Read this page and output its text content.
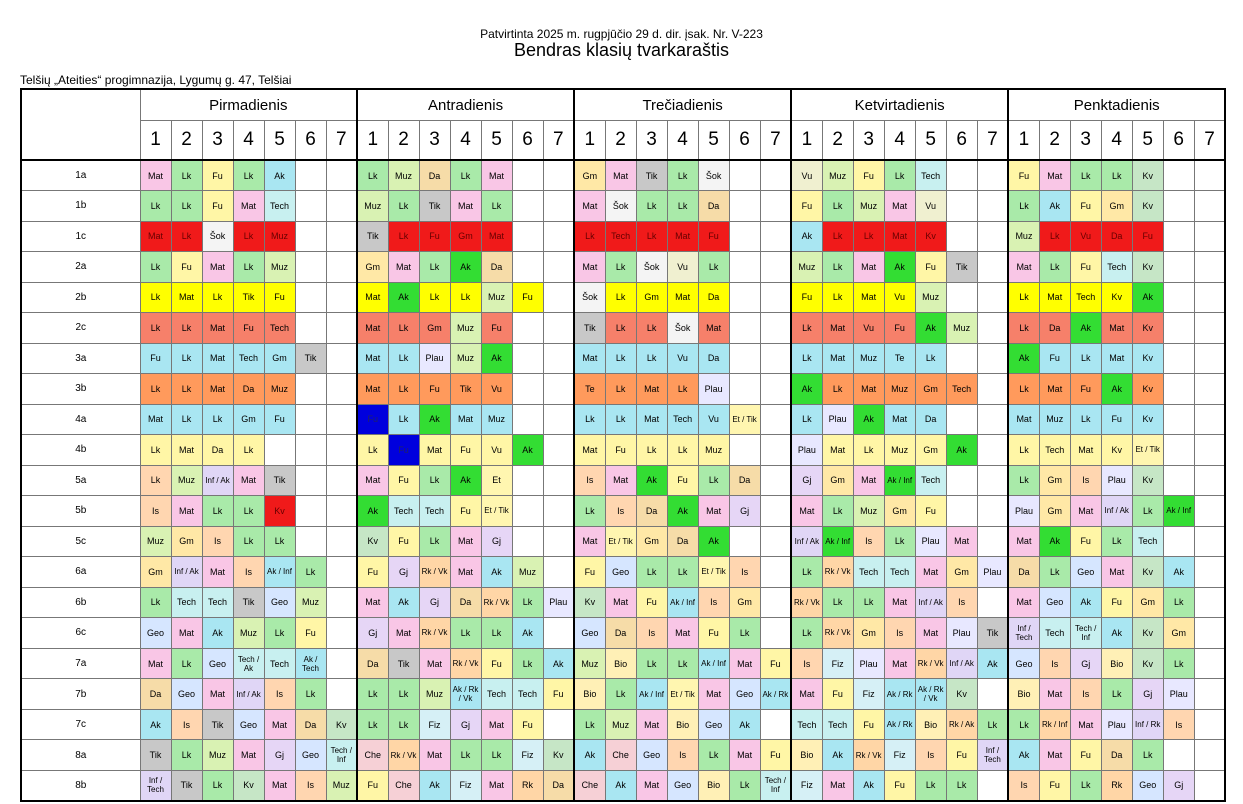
Patvirtinta 2025 m. rugpjūčio 29 d. dir. įsak. Nr. V-223
Bendras klasių tvarkaraštis
Telšių „Ateities“ progimnazija, Lygumų g. 47, Telšiai
	Pirmadienis							Antradienis							Trečiadienis							Ketvirtadienis							Penktadienis						
	1	2	3	4	5	6	7	1	2	3	4	5	6	7	1	2	3	4	5	6	7	1	2	3	4	5	6	7	1	2	3	4	5	6	7
1a	Mat	Lk	Fu	Lk	Ak			Lk	Muz	Da	Lk	Mat			Gm	Mat	Tik	Lk	Šok			Vu	Muz	Fu	Lk	Tech			Fu	Mat	Lk	Lk	Kv		
1b	Lk	Lk	Fu	Mat	Tech			Muz	Lk	Tik	Mat	Lk			Mat	Šok	Lk	Lk	Da			Fu	Lk	Muz	Mat	Vu			Lk	Ak	Fu	Gm	Kv		
1c	Mat	Lk	Šok	Lk	Muz			Tik	Lk	Fu	Gm	Mat			Lk	Tech	Lk	Mat	Fu			Ak	Lk	Lk	Mat	Kv			Muz	Lk	Vu	Da	Fu		
2a	Lk	Fu	Mat	Lk	Muz			Gm	Mat	Lk	Ak	Da			Mat	Lk	Šok	Vu	Lk			Muz	Lk	Mat	Ak	Fu	Tik		Mat	Lk	Fu	Tech	Kv		
2b	Lk	Mat	Lk	Tik	Fu			Mat	Ak	Lk	Lk	Muz	Fu		Šok	Lk	Gm	Mat	Da			Fu	Lk	Mat	Vu	Muz			Lk	Mat	Tech	Kv	Ak		
2c	Lk	Lk	Mat	Fu	Tech			Mat	Lk	Gm	Muz	Fu			Tik	Lk	Lk	Šok	Mat			Lk	Mat	Vu	Fu	Ak	Muz		Lk	Da	Ak	Mat	Kv		
3a	Fu	Lk	Mat	Tech	Gm	Tik		Mat	Lk	Plau	Muz	Ak			Mat	Lk	Lk	Vu	Da			Lk	Mat	Muz	Te	Lk			Ak	Fu	Lk	Mat	Kv		
3b	Lk	Lk	Mat	Da	Muz			Mat	Lk	Fu	Tik	Vu			Te	Lk	Mat	Lk	Plau			Ak	Lk	Mat	Muz	Gm	Tech		Lk	Mat	Fu	Ak	Kv		
4a	Mat	Lk	Lk	Gm	Fu			Fu	Lk	Ak	Mat	Muz			Lk	Lk	Mat	Tech	Vu	Et / Tik		Lk	Plau	Ak	Mat	Da			Mat	Muz	Lk	Fu	Kv		
4b	Lk	Mat	Da	Lk				Lk	Fu	Mat	Fu	Vu	Ak		Mat	Fu	Lk	Lk	Muz			Plau	Mat	Lk	Muz	Gm	Ak		Lk	Tech	Mat	Kv	Et / Tik		
5a	Lk	Muz	Inf / Ak	Mat	Tik			Mat	Fu	Lk	Ak	Et			Is	Mat	Ak	Fu	Lk	Da		Gj	Gm	Mat	Ak / Inf	Tech			Lk	Gm	Is	Plau	Kv		
5b	Is	Mat	Lk	Lk	Kv			Ak	Tech	Tech	Fu	Et / Tik			Lk	Is	Da	Ak	Mat	Gj		Mat	Lk	Muz	Gm	Fu			Plau	Gm	Mat	Inf / Ak	Lk	Ak / Inf	
5c	Muz	Gm	Is	Lk	Lk			Kv	Fu	Lk	Mat	Gj			Mat	Et / Tik	Gm	Da	Ak			Inf / Ak	Ak / Inf	Is	Lk	Plau	Mat		Mat	Ak	Fu	Lk	Tech		
6a	Gm	Inf / Ak	Mat	Is	Ak / Inf	Lk		Fu	Gj	Rk / Vk	Mat	Ak	Muz		Fu	Geo	Lk	Lk	Et / Tik	Is		Lk	Rk / Vk	Tech	Tech	Mat	Gm	Plau	Da	Lk	Geo	Mat	Kv	Ak	
6b	Lk	Tech	Tech	Tik	Geo	Muz		Mat	Ak	Gj	Da	Rk / Vk	Lk	Plau	Kv	Mat	Fu	Ak / Inf	Is	Gm		Rk / Vk	Lk	Lk	Mat	Inf / Ak	Is		Mat	Geo	Ak	Fu	Gm	Lk	
6c	Geo	Mat	Ak	Muz	Lk	Fu		Gj	Mat	Rk / Vk	Lk	Lk	Ak		Geo	Da	Is	Mat	Fu	Lk		Lk	Rk / Vk	Gm	Is	Mat	Plau	Tik	Inf / Tech	Tech	Tech / Inf	Ak	Kv	Gm	
7a	Mat	Lk	Geo	Tech / Ak	Tech	Ak / Tech		Da	Tik	Mat	Rk / Vk	Fu	Lk	Ak	Muz	Bio	Lk	Lk	Ak / Inf	Mat	Fu	Is	Fiz	Plau	Mat	Rk / Vk	Inf / Ak	Ak	Geo	Is	Gj	Bio	Kv	Lk	
7b	Da	Geo	Mat	Inf / Ak	Is	Lk		Lk	Lk	Muz	Ak / Rk / Vk	Tech	Tech	Fu	Bio	Lk	Ak / Inf	Et / Tik	Mat	Geo	Ak / Rk	Mat	Fu	Fiz	Ak / Rk	Ak / Rk / Vk	Kv		Bio	Mat	Is	Lk	Gj	Plau	
7c	Ak	Is	Tik	Geo	Mat	Da	Kv	Lk	Lk	Fiz	Gj	Mat	Fu		Lk	Muz	Mat	Bio	Geo	Ak		Tech	Tech	Fu	Ak / Rk	Bio	Rk / Ak	Lk	Lk	Rk / Inf	Mat	Plau	Inf / Rk	Is	
8a	Tik	Lk	Muz	Mat	Gj	Geo	Tech / Inf	Che	Rk / Vk	Mat	Lk	Lk	Fiz	Kv	Ak	Che	Geo	Is	Lk	Mat	Fu	Bio	Ak	Rk / Vk	Fiz	Is	Fu	Inf / Tech	Ak	Mat	Fu	Da	Lk		
8b	Inf / Tech	Tik	Lk	Kv	Mat	Is	Muz	Fu	Che	Ak	Fiz	Mat	Rk	Da	Che	Ak	Mat	Geo	Bio	Lk	Tech / Inf	Fiz	Mat	Ak	Fu	Lk	Lk		Is	Fu	Lk	Rk	Geo	Gj	
